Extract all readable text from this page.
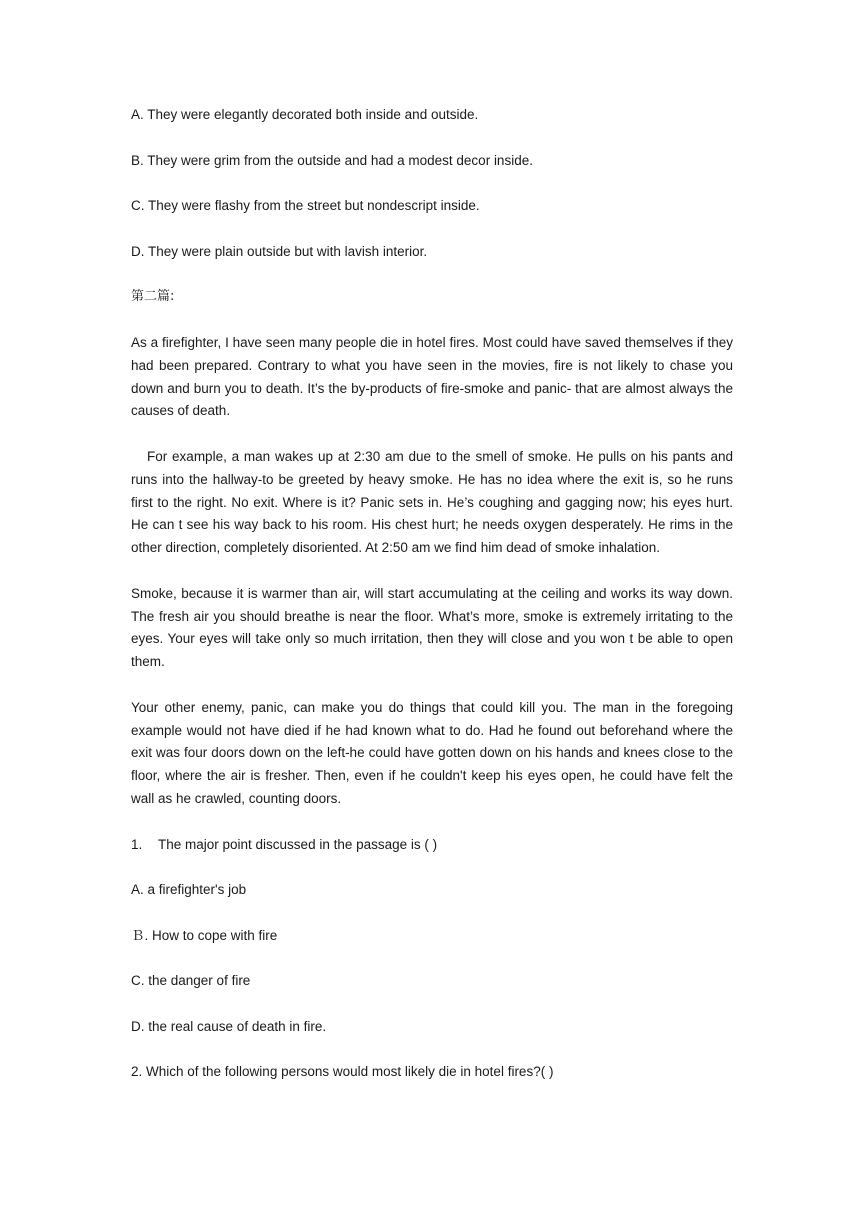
A. They were elegantly decorated both inside and outside.

B. They were grim from the outside and had a modest decor inside.

C. They were flashy from the street but nondescript inside.

D. They were plain outside but with lavish interior.

第二篇:

As a firefighter, I have seen many people die in hotel fires. Most could have saved themselves if they had been prepared. Contrary to what you have seen in the movies, fire is not likely to chase you down and burn you to death. It’s the by-products of fire-smoke and panic- that are almost always the causes of death.

For example, a man wakes up at 2:30 am due to the smell of smoke. He pulls on his pants and runs into the hallway-to be greeted by heavy smoke. He has no idea where the exit is, so he runs first to the right. No exit. Where is it? Panic sets in. He’s coughing and gagging now; his eyes hurt. He can t see his way back to his room. His chest hurt; he needs oxygen desperately. He rims in the other direction, completely disoriented. At 2:50 am we find him dead of smoke inhalation.

Smoke, because it is warmer than air, will start accumulating at the ceiling and works its way down. The fresh air you should breathe is near the floor. What’s more, smoke is extremely irritating to the eyes. Your eyes will take only so much irritation, then they will close and you won t be able to open them.

Your other enemy, panic, can make you do things that could kill you. The man in the foregoing example would not have died if he had known what to do. Had he found out beforehand where the exit was four doors down on the left-he could have gotten down on his hands and knees close to the floor, where the air is fresher. Then, even if he couldn't keep his eyes open, he could have felt the wall as he crawled, counting doors.

1. The major point discussed in the passage is ( )

A. a firefighter's job

Ｂ. How to cope with fire

C. the danger of fire

D. the real cause of death in fire.

2. Which of the following persons would most likely die in hotel fires?( )
